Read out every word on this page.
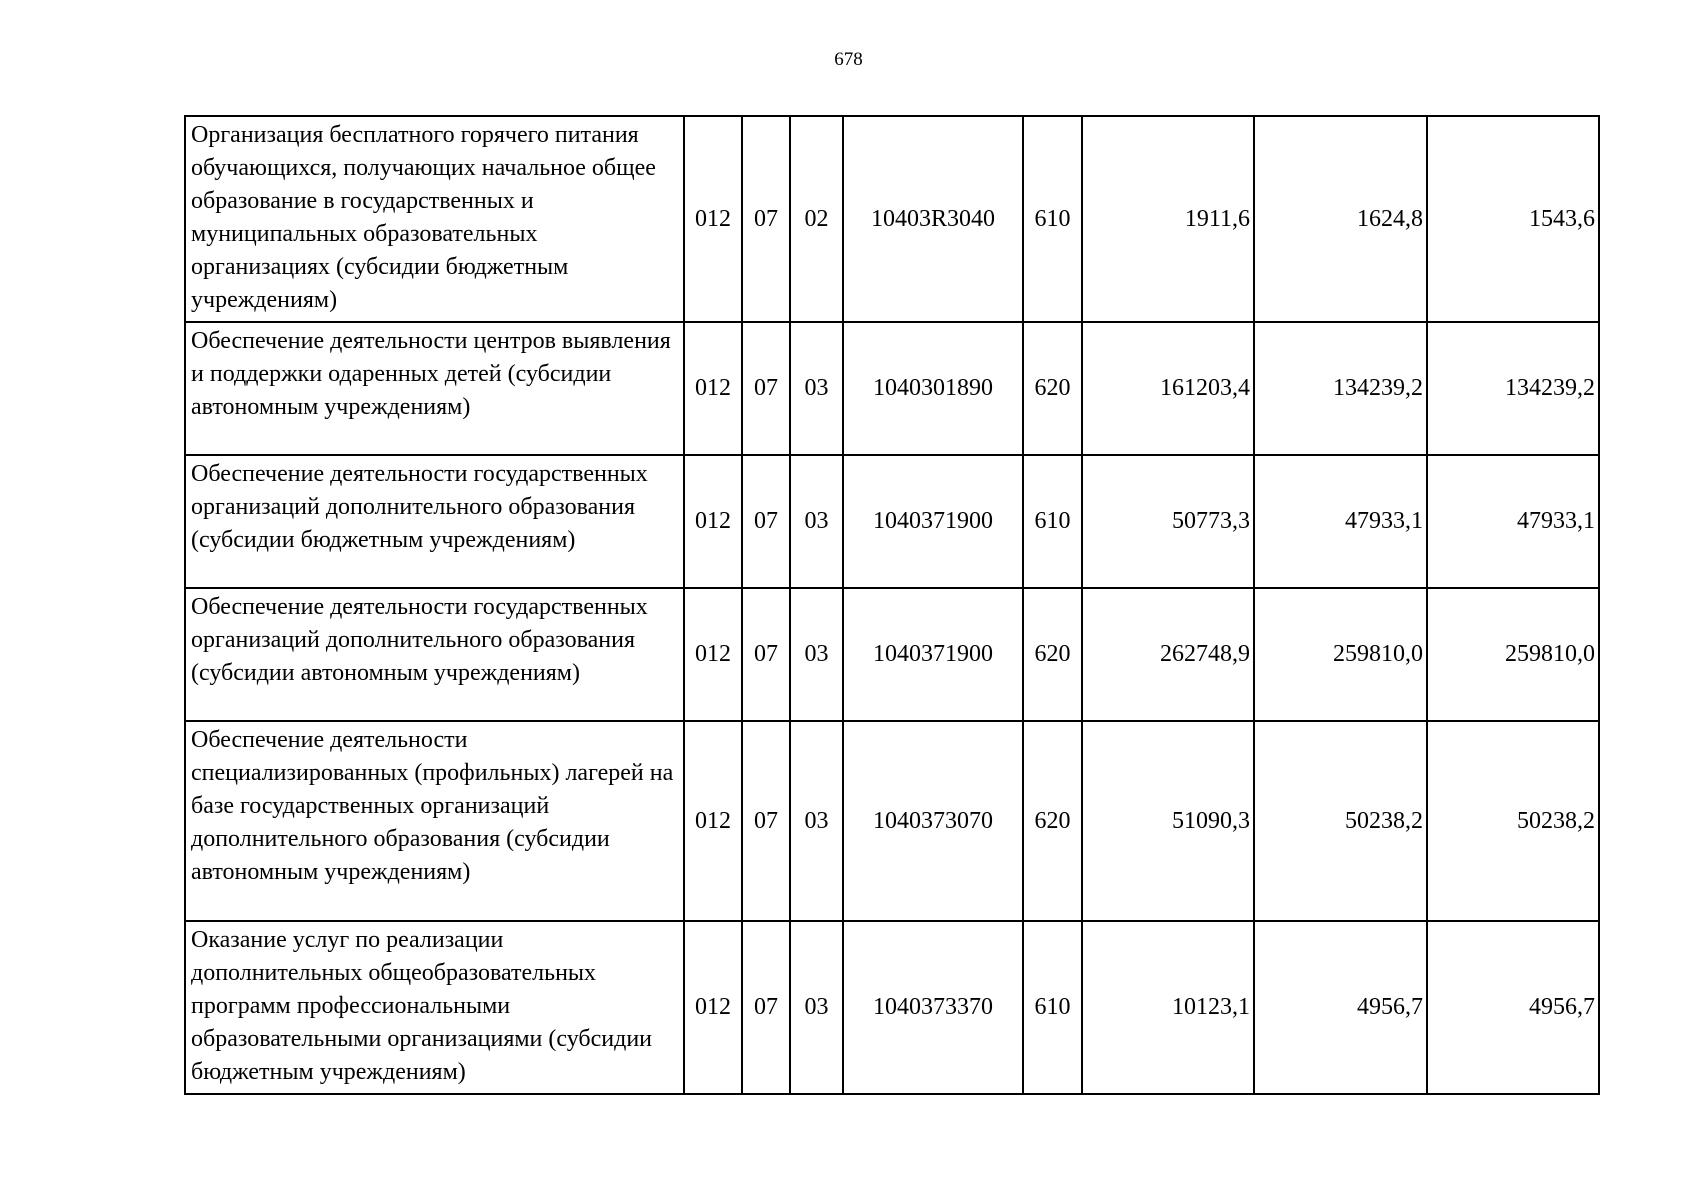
678
Организация бесплатного горячего питания обучающихся, получающих начальное общее образование в государственных и муниципальных образовательных организациях (субсидии бюджетным учреждениям)	012	07	02	10403R3040	610	1911,6	1624,8	1543,6
Обеспечение деятельности центров выявления и поддержки одаренных детей (субсидии автономным учреждениям)	012	07	03	1040301890	620	161203,4	134239,2	134239,2
Обеспечение деятельности государственных организаций дополнительного образования (субсидии бюджетным учреждениям)	012	07	03	1040371900	610	50773,3	47933,1	47933,1
Обеспечение деятельности государственных организаций дополнительного образования (субсидии автономным учреждениям)	012	07	03	1040371900	620	262748,9	259810,0	259810,0
Обеспечение деятельности специализированных (профильных) лагерей на базе государственных организаций дополнительного образования (субсидии автономным учреждениям)	012	07	03	1040373070	620	51090,3	50238,2	50238,2
Оказание услуг по реализации дополнительных общеобразовательных программ профессиональными образовательными организациями (субсидии бюджетным учреждениям)	012	07	03	1040373370	610	10123,1	4956,7	4956,7
